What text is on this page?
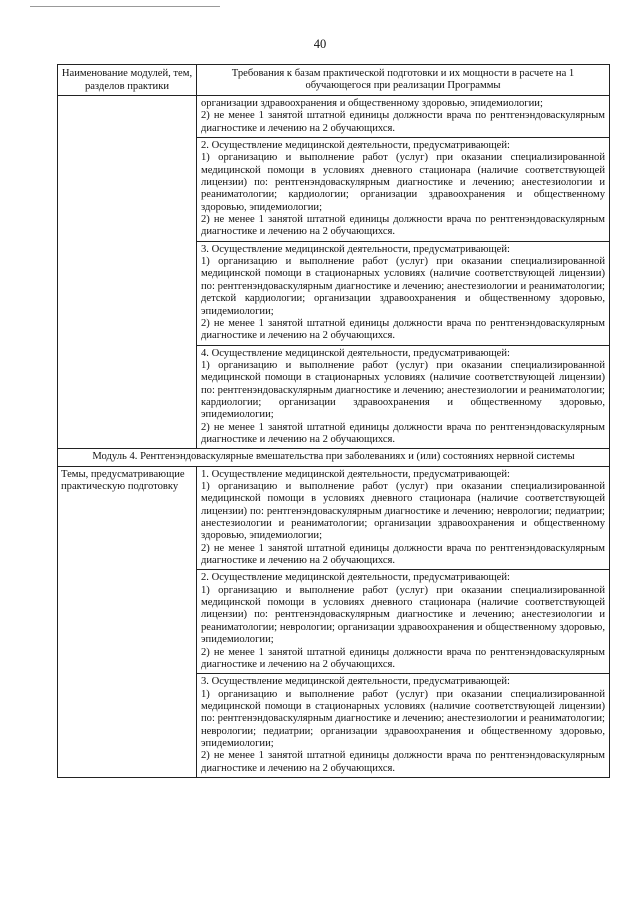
40
Наименование модулей, тем, разделов практики
Требования к базам практической подготовки и их мощности в расчете на 1 обучающегося при реализации Программы

организации здравоохранения и общественному здоровью, эпидемиологии;

2) не менее 1 занятой штатной единицы должности врача по рентгенэндоваскулярным диагностике и лечению на 2 обучающихся.

2. Осуществление медицинской деятельности, предусматривающей:

1) организацию и выполнение работ (услуг) при оказании специализированной медицинской помощи в условиях дневного стационара (наличие соответствующей лицензии) по: рентгенэндоваскулярным диагностике и лечению; анестезиологии и реаниматологии; кардиологии; организации здравоохранения и общественному здоровью, эпидемиологии;

2) не менее 1 занятой штатной единицы должности врача по рентгенэндоваскулярным диагностике и лечению на 2 обучающихся.

3. Осуществление медицинской деятельности, предусматривающей:

1) организацию и выполнение работ (услуг) при оказании специализированной медицинской помощи в стационарных условиях (наличие соответствующей лицензии) по: рентгенэндоваскулярным диагностике и лечению; анестезиологии и реаниматологии; детской кардиологии; организации здравоохранения и общественному здоровью, эпидемиологии;

2) не менее 1 занятой штатной единицы должности врача по рентгенэндоваскулярным диагностике и лечению на 2 обучающихся.

4. Осуществление медицинской деятельности, предусматривающей:

1) организацию и выполнение работ (услуг) при оказании специализированной медицинской помощи в стационарных условиях (наличие соответствующей лицензии) по: рентгенэндоваскулярным диагностике и лечению; анестезиологии и реаниматологии; кардиологии; организации здравоохранения и общественному здоровью, эпидемиологии;

2) не менее 1 занятой штатной единицы должности врача по рентгенэндоваскулярным диагностике и лечению на 2 обучающихся.

Модуль 4. Рентгенэндоваскулярные вмешательства при заболеваниях и (или) состояниях нервной системы
Темы, предусматривающие практическую подготовку

1. Осуществление медицинской деятельности, предусматривающей:

1) организацию и выполнение работ (услуг) при оказании специализированной медицинской помощи в условиях дневного стационара (наличие соответствующей лицензии) по: рентгенэндоваскулярным диагностике и лечению; неврологии; педиатрии; анестезиологии и реаниматологии; организации здравоохранения и общественному здоровью, эпидемиологии;

2) не менее 1 занятой штатной единицы должности врача по рентгенэндоваскулярным диагностике и лечению на 2 обучающихся.

2. Осуществление медицинской деятельности, предусматривающей:

1) организацию и выполнение работ (услуг) при оказании специализированной медицинской помощи в условиях дневного стационара (наличие соответствующей лицензии) по: рентгенэндоваскулярным диагностике и лечению; анестезиологии и реаниматологии; неврологии; организации здравоохранения и общественному здоровью, эпидемиологии;

2) не менее 1 занятой штатной единицы должности врача по рентгенэндоваскулярным диагностике и лечению на 2 обучающихся.

3. Осуществление медицинской деятельности, предусматривающей:

1) организацию и выполнение работ (услуг) при оказании специализированной медицинской помощи в стационарных условиях (наличие соответствующей лицензии) по: рентгенэндоваскулярным диагностике и лечению; анестезиологии и реаниматологии; неврологии; педиатрии; организации здравоохранения и общественному здоровью, эпидемиологии;

2) не менее 1 занятой штатной единицы должности врача по рентгенэндоваскулярным диагностике и лечению на 2 обучающихся.
